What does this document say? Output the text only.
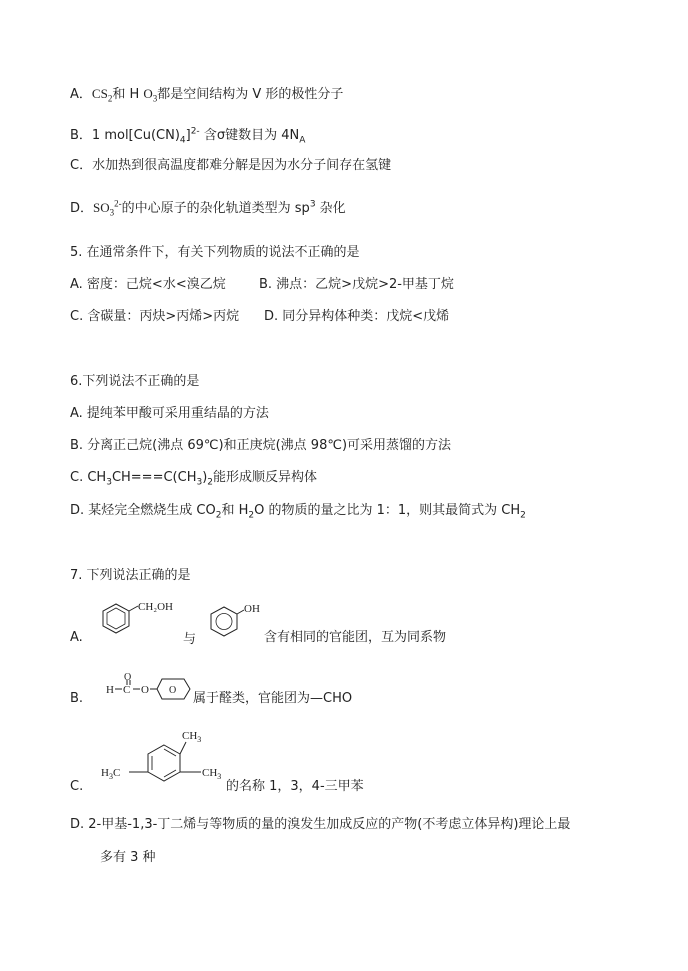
A．$CS_2$和 H $O_3$都是空间结构为 V 形的极性分子
B．1 $mol[Cu(CN)_4]^{2-}$ 含σ键数目为 $4N_A$
C．水加热到很高温度都难分解是因为水分子间存在氢键
D．$SO_3^{2-}$的中心原子的杂化轨道类型为 $sp^3$ 杂化
5. 在通常条件下，有关下列物质的说法不正确的是
A. 密度：己烷<水<溴乙烷	B. 沸点：乙烷>戊烷>2-甲基丁烷
C. 含碳量：丙炔>丙烯>丙烷 D. 同分异构体种类：戊烷<戊烯
6.下列说法不正确的是
A. 提纯苯甲酸可采用重结晶的方法
B. 分离正己烷(沸点 69℃)和正庚烷(沸点 98℃)可采用蒸馏的方法
C. $CH_3CH===C(CH_3)_2$能形成顺反异构体
D. 某烃完全燃烧生成 $CO_2$和 $H_2O$ 的物质的量之比为 1：1，则其最简式为 $CH_2$
7. 下列说法正确的是
A.
CH₂OH
与
OH
含有相同的官能团，互为同系物
B.
H C
O
O O
属于醛类，官能团为—CHO
C.
$CH_3$
$H_3C$	$CH_3$
的名称 1，3，4-三甲苯
D. 2-甲基-1,3-丁二烯与等物质的量的溴发生加成反应的产物(不考虑立体异构)理论上最
多有 3 种
